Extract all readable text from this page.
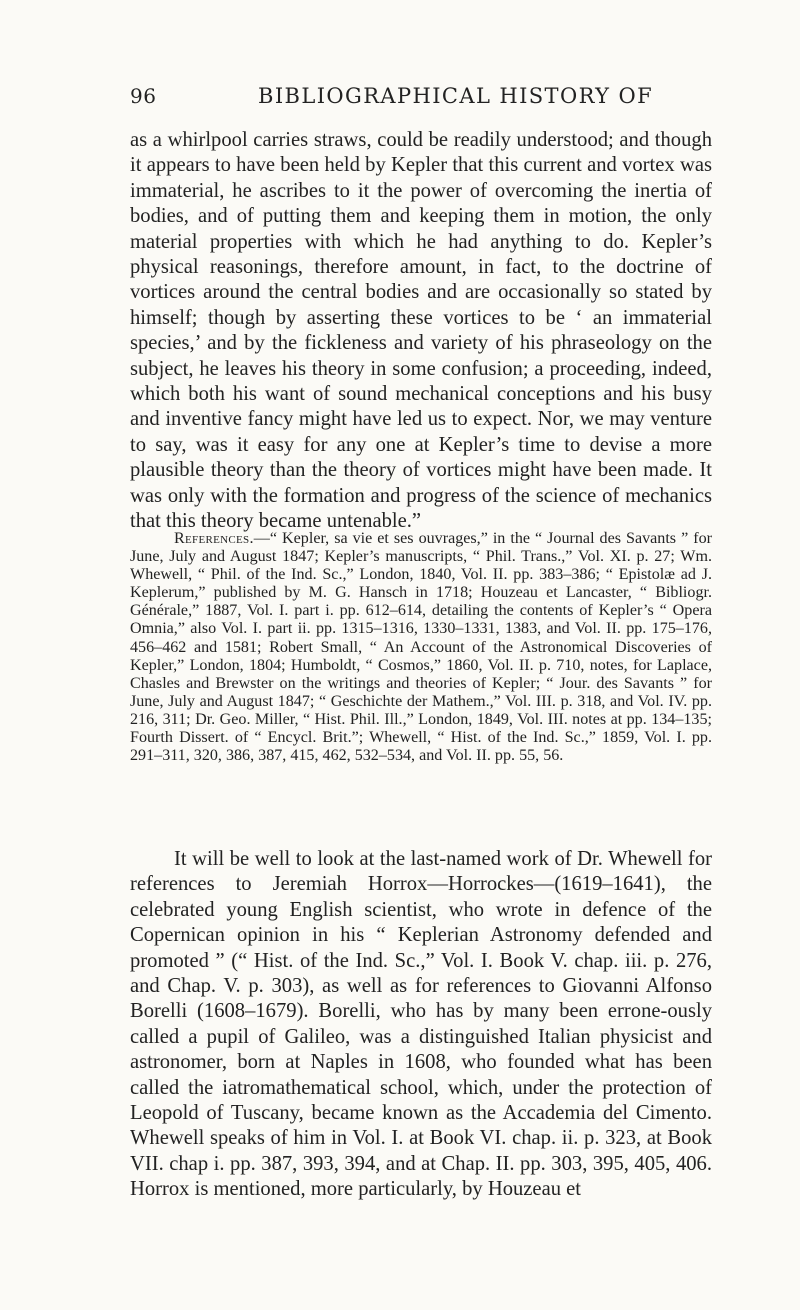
96	BIBLIOGRAPHICAL HISTORY OF

as a whirlpool carries straws, could be readily understood; and though it appears to have been held by Kepler that this current and vortex was immaterial, he ascribes to it the power of overcoming the inertia of bodies, and of putting them and keeping them in motion, the only material properties with which he had anything to do. Kepler’s physical reasonings, therefore amount, in fact, to the doctrine of vortices around the central bodies and are occasionally so stated by himself; though by asserting these vortices to be ‘ an immaterial species,’ and by the fickleness and variety of his phraseology on the subject, he leaves his theory in some confusion; a proceeding, indeed, which both his want of sound mechanical conceptions and his busy and inventive fancy might have led us to expect. Nor, we may venture to say, was it easy for any one at Kepler’s time to devise a more plausible theory than the theory of vortices might have been made. It was only with the formation and progress of the science of mechanics that this theory became untenable.”

References.—“ Kepler, sa vie et ses ouvrages,” in the “ Journal des Savants ” for June, July and August 1847; Kepler’s manuscripts, “ Phil. Trans.,” Vol. XI. p. 27; Wm. Whewell, “ Phil. of the Ind. Sc.,” London, 1840, Vol. II. pp. 383–386; “ Epistolæ ad J. Keplerum,” published by M. G. Hansch in 1718; Houzeau et Lancaster, “ Bibliogr. Générale,” 1887, Vol. I. part i. pp. 612–614, detailing the contents of Kepler’s “ Opera Omnia,” also Vol. I. part ii. pp. 1315–1316, 1330–1331, 1383, and Vol. II. pp. 175–176, 456–462 and 1581; Robert Small, “ An Account of the Astronomical Discoveries of Kepler,” London, 1804; Humboldt, “ Cosmos,” 1860, Vol. II. p. 710, notes, for Laplace, Chasles and Brewster on the writings and theories of Kepler; “ Jour. des Savants ” for June, July and August 1847; “ Geschichte der Mathem.,” Vol. III. p. 318, and Vol. IV. pp. 216, 311; Dr. Geo. Miller, “ Hist. Phil. Ill.,” London, 1849, Vol. III. notes at pp. 134–135; Fourth Dissert. of “ Encycl. Brit.”; Whewell, “ Hist. of the Ind. Sc.,” 1859, Vol. I. pp. 291–311, 320, 386, 387, 415, 462, 532–534, and Vol. II. pp. 55, 56.

It will be well to look at the last-named work of Dr. Whewell for references to Jeremiah Horrox—Horrockes—(1619–1641), the celebrated young English scientist, who wrote in defence of the Copernican opinion in his “ Keplerian Astronomy defended and promoted ” (“ Hist. of the Ind. Sc.,” Vol. I. Book V. chap. iii. p. 276, and Chap. V. p. 303), as well as for references to Giovanni Alfonso Borelli (1608–1679). Borelli, who has by many been errone-ously called a pupil of Galileo, was a distinguished Italian physicist and astronomer, born at Naples in 1608, who founded what has been called the iatromathematical school, which, under the protection of Leopold of Tuscany, became known as the Accademia del Cimento. Whewell speaks of him in Vol. I. at Book VI. chap. ii. p. 323, at Book VII. chap i. pp. 387, 393, 394, and at Chap. II. pp. 303, 395, 405, 406. Horrox is mentioned, more particularly, by Houzeau et
